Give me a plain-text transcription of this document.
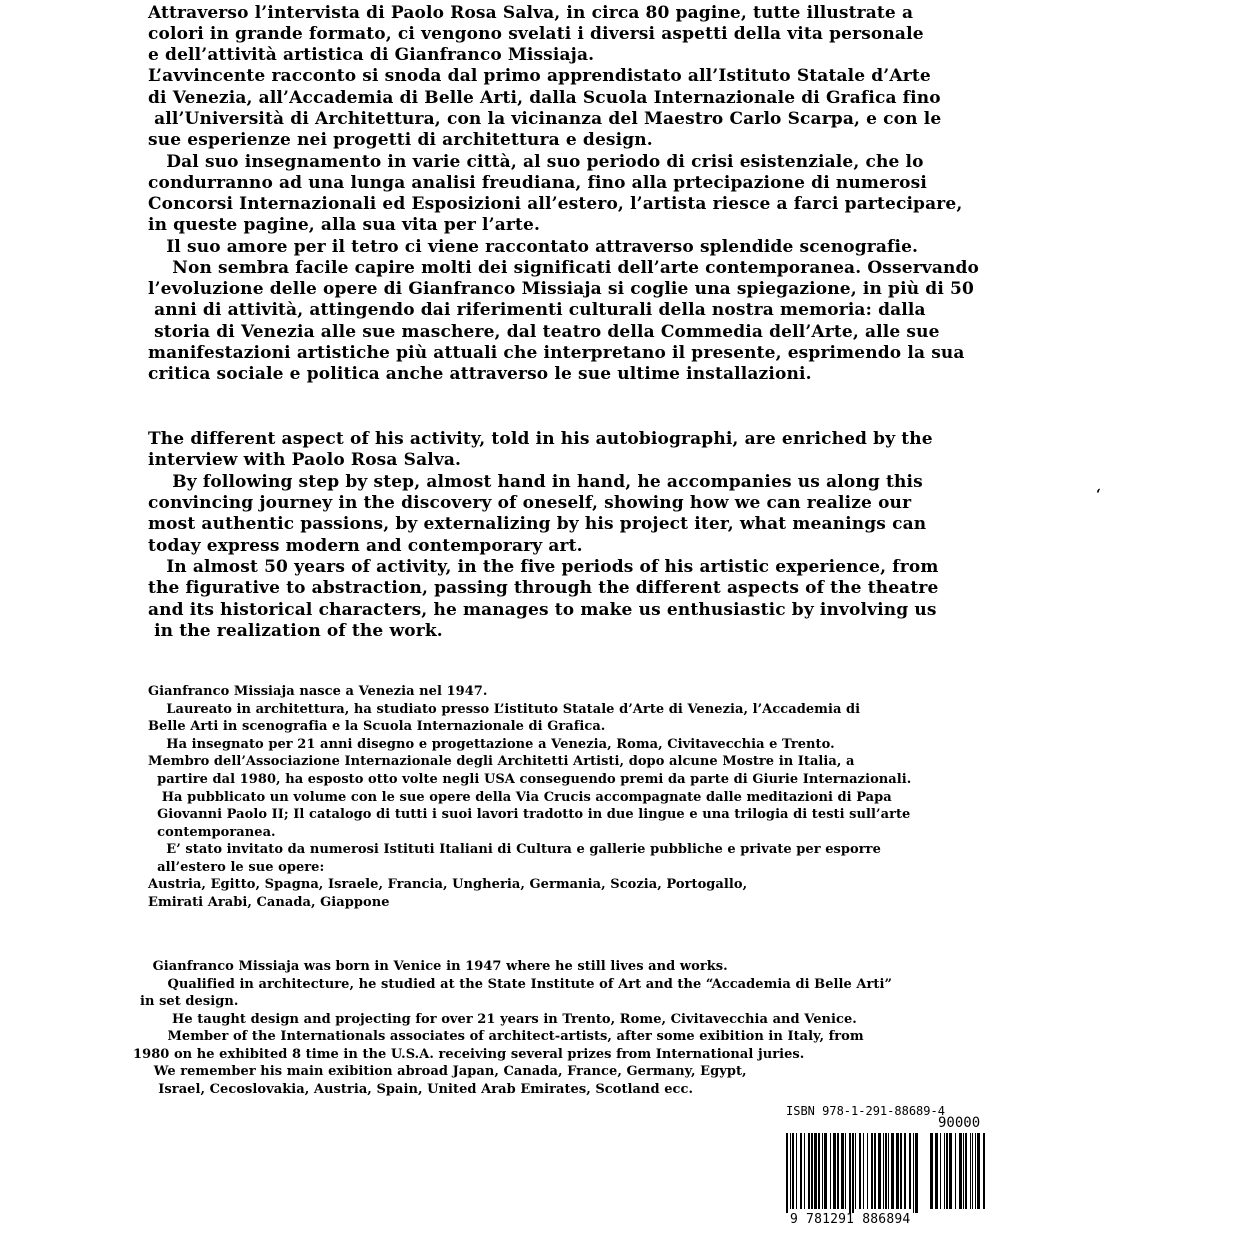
Attraverso l’intervista di Paolo Rosa Salva, in circa 80 pagine, tutte illustrate a
colori in grande formato, ci vengono svelati i diversi aspetti della vita personale
e dell’attività artistica di Gianfranco Missiaja.
L’avvincente racconto si snoda dal primo apprendistato all’Istituto Statale d’Arte
di Venezia, all’Accademia di Belle Arti, dalla Scuola Internazionale di Grafica fino
all’Università di Architettura, con la vicinanza del Maestro Carlo Scarpa, e con le
sue esperienze nei progetti di architettura e design.
Dal suo insegnamento in varie città, al suo periodo di crisi esistenziale, che lo
condurranno ad una lunga analisi freudiana, fino alla prtecipazione di numerosi
Concorsi Internazionali ed Esposizioni all’estero, l’artista riesce a farci partecipare,
in queste pagine, alla sua vita per l’arte.
Il suo amore per il tetro ci viene raccontato attraverso splendide scenografie.
Non sembra facile capire molti dei significati dell’arte contemporanea. Osservando
l’evoluzione delle opere di Gianfranco Missiaja si coglie una spiegazione, in più di 50
anni di attività, attingendo dai riferimenti culturali della nostra memoria: dalla
storia di Venezia alle sue maschere, dal teatro della Commedia dell’Arte, alle sue
manifestazioni artistiche più attuali che interpretano il presente, esprimendo la sua
critica sociale e politica anche attraverso le sue ultime installazioni.
The different aspect of his activity, told in his autobiographi, are enriched by the
interview with Paolo Rosa Salva.
By following step by step, almost hand in hand, he accompanies us along this
convincing journey in the discovery of oneself, showing how we can realize our
most authentic passions, by externalizing by his project iter, what meanings can
today express modern and contemporary art.
In almost 50 years of activity, in the five periods of his artistic experience, from
the figurative to abstraction, passing through the different aspects of the theatre
and its historical characters, he manages to make us enthusiastic by involving us
in the realization of the work.
‘
Gianfranco Missiaja nasce a Venezia nel 1947.
Laureato in architettura, ha studiato presso L’istituto Statale d’Arte di Venezia, l’Accademia di
Belle Arti in scenografia e la Scuola Internazionale di Grafica.
Ha insegnato per 21 anni disegno e progettazione a Venezia, Roma, Civitavecchia e Trento.
Membro dell’Associazione Internazionale degli Architetti Artisti, dopo alcune Mostre in Italia, a
partire dal 1980, ha esposto otto volte negli USA conseguendo premi da parte di Giurie Internazionali.
Ha pubblicato un volume con le sue opere della Via Crucis accompagnate dalle meditazioni di Papa
Giovanni Paolo II; Il catalogo di tutti i suoi lavori tradotto in due lingue e una trilogia di testi sull’arte
contemporanea.
E’ stato invitato da numerosi Istituti Italiani di Cultura e gallerie pubbliche e private per esporre
all’estero le sue opere:
Austria, Egitto, Spagna, Israele, Francia, Ungheria, Germania, Scozia, Portogallo,
Emirati Arabi, Canada, Giappone
Gianfranco Missiaja was born in Venice in 1947 where he still lives and works.
Qualified in architecture, he studied at the State Institute of Art and the “Accademia di Belle Arti”
in set design.
He taught design and projecting for over 21 years in Trento, Rome, Civitavecchia and Venice.
Member of the Internationals associates of architect-artists, after some exibition in Italy, from
1980 on he exhibited 8 time in the U.S.A. receiving several prizes from International juries.
We remember his main exibition abroad Japan, Canada, France, Germany, Egypt,
Israel, Cecoslovakia, Austria, Spain, United Arab Emirates, Scotland ecc.
ISBN 978-1-291-88689-4
90000
9 781291 886894
